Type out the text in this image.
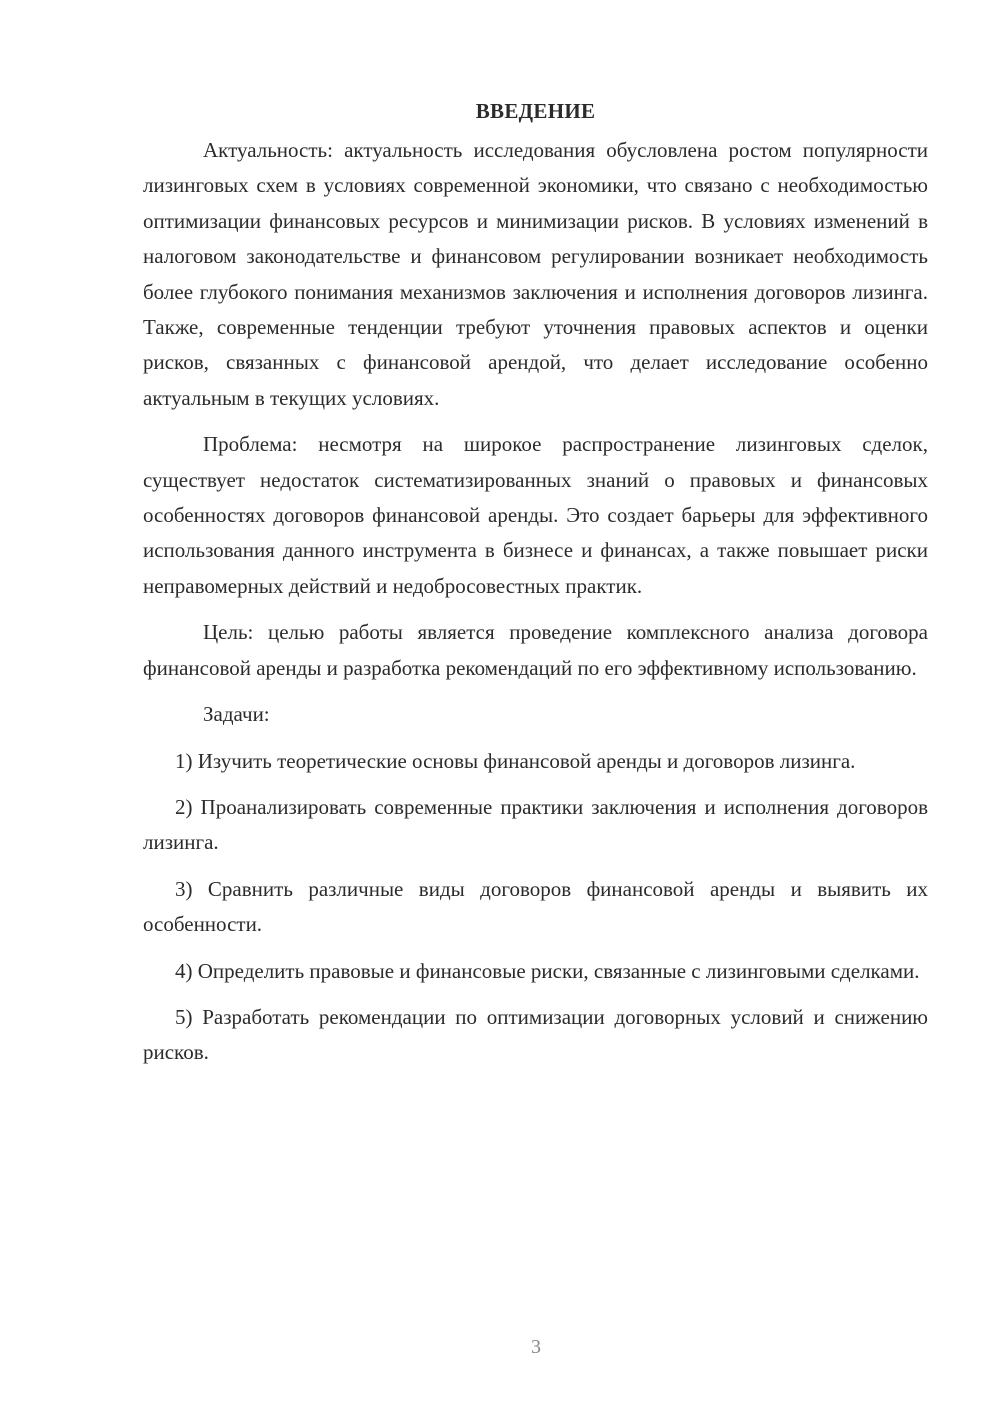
ВВЕДЕНИЕ

Актуальность: актуальность исследования обусловлена ростом популярности лизинговых схем в условиях современной экономики, что связано с необходимостью оптимизации финансовых ресурсов и минимизации рисков. В условиях изменений в налоговом законодательстве и финансовом регулировании возникает необходимость более глубокого понимания механизмов заключения и исполнения договоров лизинга. Также, современные тенденции требуют уточнения правовых аспектов и оценки рисков, связанных с финансовой арендой, что делает исследование особенно актуальным в текущих условиях.

Проблема: несмотря на широкое распространение лизинговых сделок, существует недостаток систематизированных знаний о правовых и финансовых особенностях договоров финансовой аренды. Это создает барьеры для эффективного использования данного инструмента в бизнесе и финансах, а также повышает риски неправомерных действий и недобросовестных практик.

Цель: целью работы является проведение комплексного анализа договора финансовой аренды и разработка рекомендаций по его эффективному использованию.

Задачи:

1) Изучить теоретические основы финансовой аренды и договоров лизинга.

2) Проанализировать современные практики заключения и исполнения договоров лизинга.

3) Сравнить различные виды договоров финансовой аренды и выявить их особенности.

4) Определить правовые и финансовые риски, связанные с лизинговыми сделками.

5) Разработать рекомендации по оптимизации договорных условий и снижению рисков.

3
